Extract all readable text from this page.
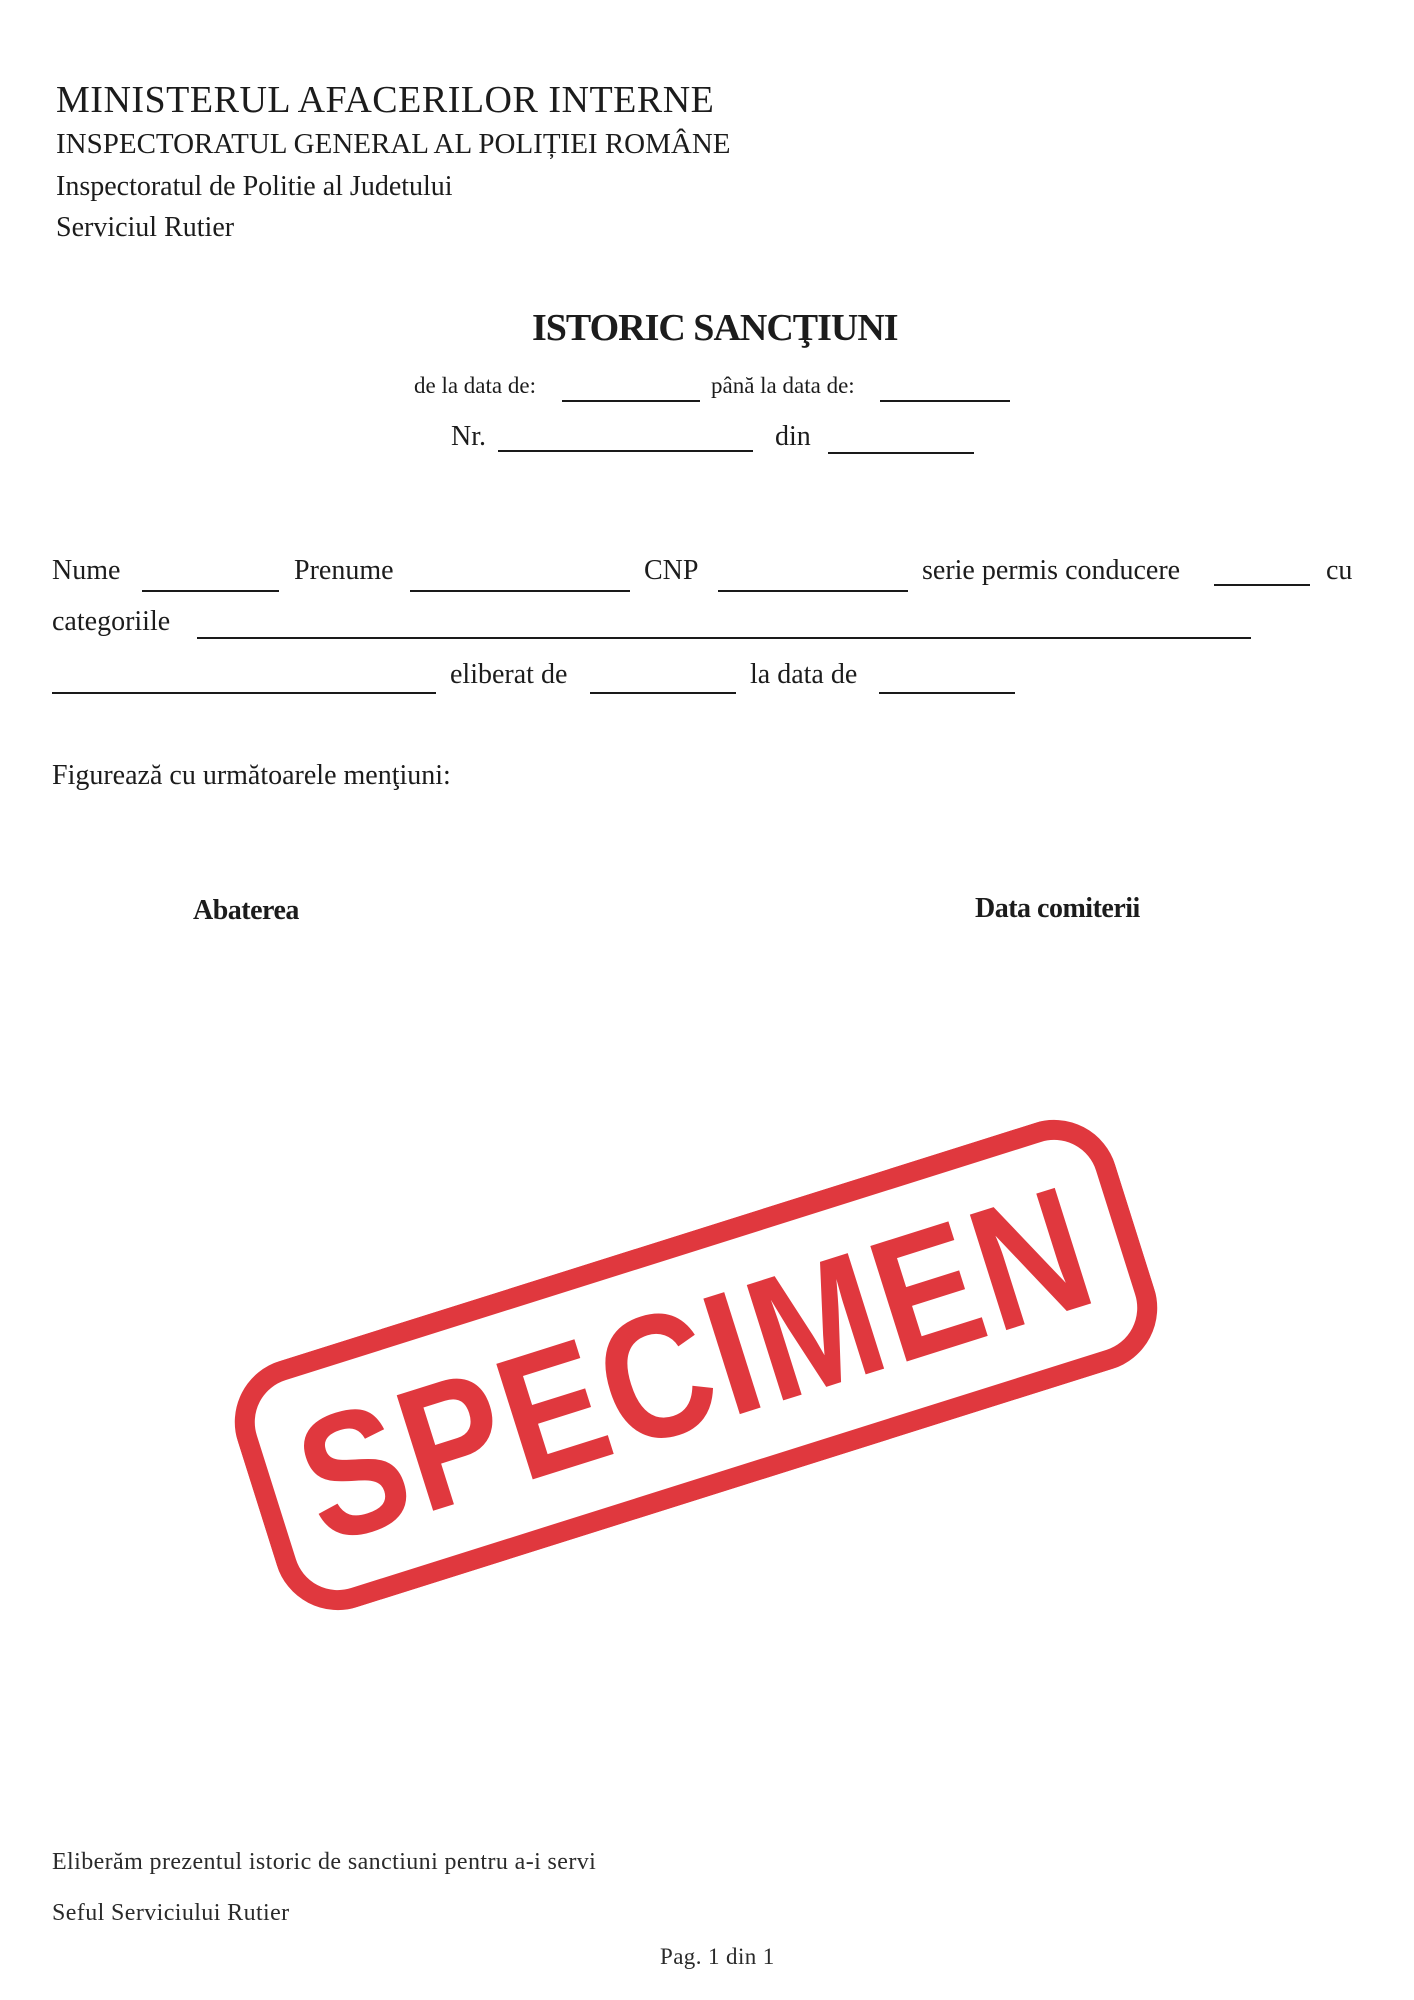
MINISTERUL AFACERILOR INTERNE
INSPECTORATUL GENERAL AL POLIȚIEI ROMÂNE
Inspectoratul de Politie al Judetului
Serviciul Rutier
ISTORIC SANCŢIUNI
de la data de:	până la data de:
Nr.	din
Nume	Prenume	CNP	serie permis conducere	cu
categoriile
eliberat de	la data de
Figurează cu următoarele menţiuni:
Abaterea	Data comiterii
SPECIMEN
Eliberăm prezentul istoric de sanctiuni pentru a-i servi
Seful Serviciului Rutier
Pag. 1 din 1
